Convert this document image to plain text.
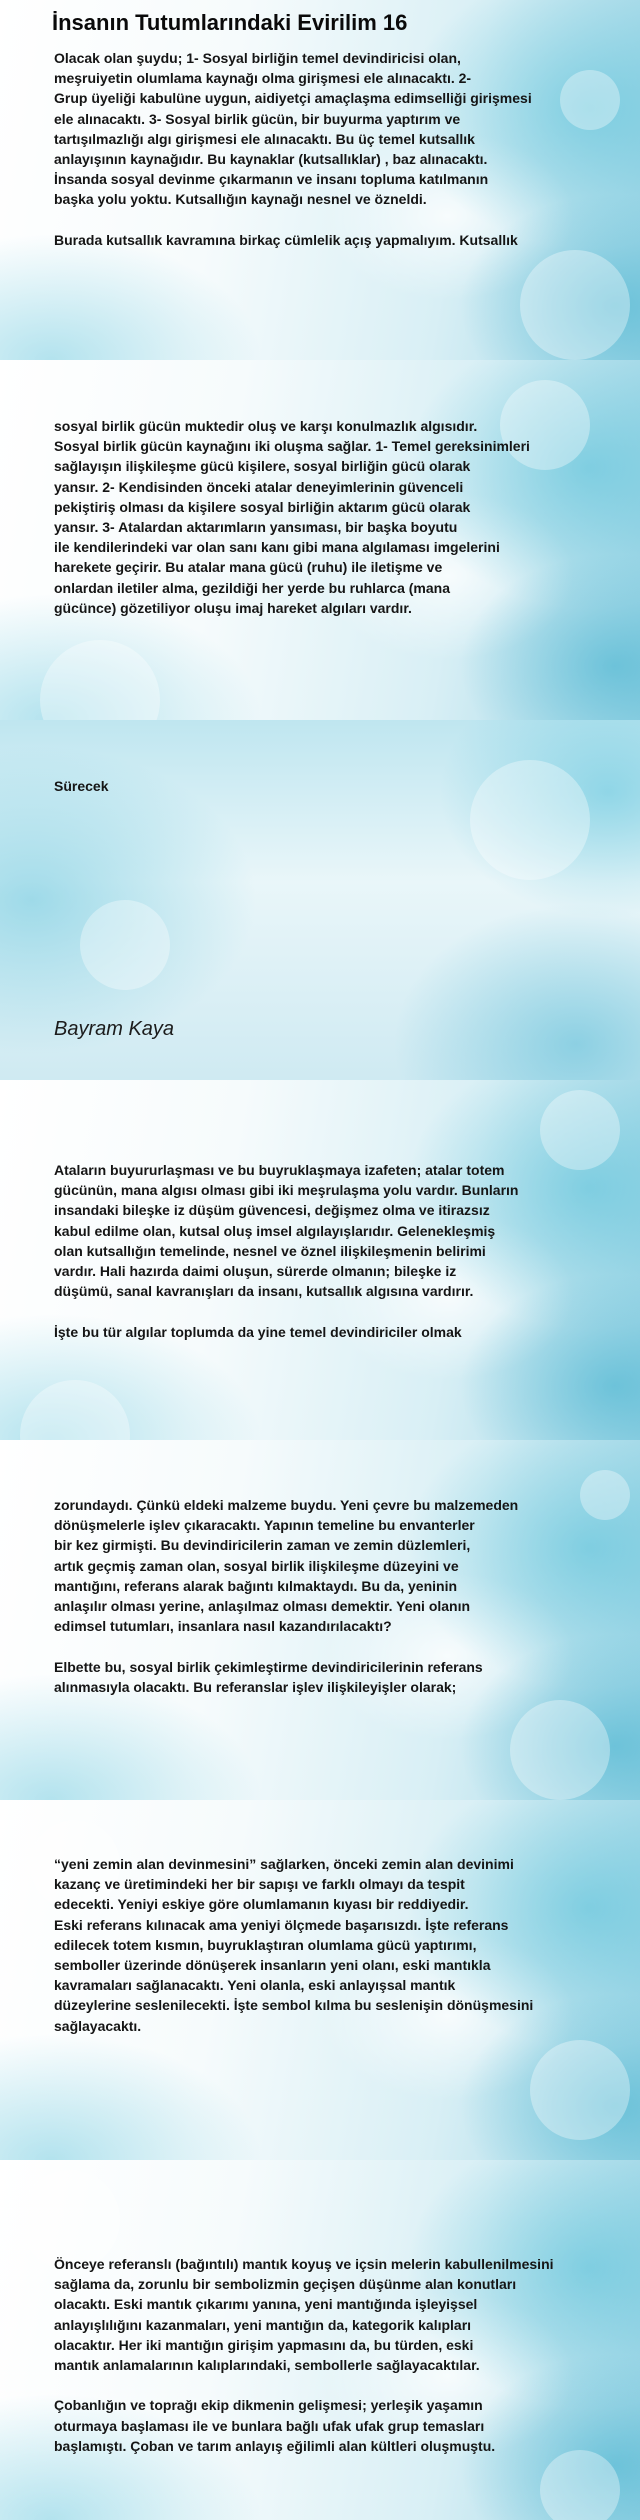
İnsanın Tutumlarındaki Evirilim 16

Olacak olan şuydu; 1- Sosyal birliğin temel devindiricisi olan,
meşruiyetin olumlama kaynağı olma girişmesi ele alınacaktı. 2-
Grup üyeliği kabulüne uygun, aidiyetçi amaçlaşma edimselliği girişmesi
ele alınacaktı. 3- Sosyal birlik gücün, bir buyurma yaptırım ve
tartışılmazlığı algı girişmesi ele alınacaktı. Bu üç temel kutsallık
anlayışının kaynağıdır. Bu kaynaklar (kutsallıklar) , baz alınacaktı.
İnsanda sosyal devinme çıkarmanın ve insanı topluma katılmanın
başka yolu yoktu. Kutsallığın kaynağı nesnel ve özneldi.

Burada kutsallık kavramına birkaç cümlelik açış yapmalıyım. Kutsallık

sosyal birlik gücün muktedir oluş ve karşı konulmazlık algısıdır.
Sosyal birlik gücün kaynağını iki oluşma sağlar. 1- Temel gereksinimleri
sağlayışın ilişkileşme gücü kişilere, sosyal birliğin gücü olarak
yansır. 2- Kendisinden önceki atalar deneyimlerinin güvenceli
pekiştiriş olması da kişilere sosyal birliğin aktarım gücü olarak
yansır. 3- Atalardan aktarımların yansıması, bir başka boyutu
ile kendilerindeki var olan sanı kanı gibi mana algılaması imgelerini
harekete geçirir. Bu atalar mana gücü (ruhu) ile iletişme ve
onlardan iletiler alma, gezildiği her yerde bu ruhlarca (mana
gücünce) gözetiliyor oluşu imaj hareket algıları vardır.

Sürecek

Bayram Kaya

Ataların buyururlaşması ve bu buyruklaşmaya izafeten; atalar totem
gücünün, mana algısı olması gibi iki meşrulaşma yolu vardır. Bunların
insandaki bileşke iz düşüm güvencesi, değişmez olma ve itirazsız
kabul edilme olan, kutsal oluş imsel algılayışlarıdır. Gelenekleşmiş
olan kutsallığın temelinde, nesnel ve öznel ilişkileşmenin belirimi
vardır. Hali hazırda daimi oluşun, sürerde olmanın; bileşke iz
düşümü, sanal kavranışları da insanı, kutsallık algısına vardırır.

İşte bu tür algılar toplumda da yine temel devindiriciler olmak

zorundaydı. Çünkü eldeki malzeme buydu. Yeni çevre bu malzemeden
dönüşmelerle işlev çıkaracaktı. Yapının temeline bu envanterler
bir kez girmişti. Bu devindiricilerin zaman ve zemin düzlemleri,
artık geçmiş zaman olan, sosyal birlik ilişkileşme düzeyini ve
mantığını, referans alarak bağıntı kılmaktaydı. Bu da, yeninin
anlaşılır olması yerine, anlaşılmaz olması demektir. Yeni olanın
edimsel tutumları, insanlara nasıl kazandırılacaktı?

Elbette bu, sosyal birlik çekimleştirme devindiricilerinin referans
alınmasıyla olacaktı. Bu referanslar işlev ilişkileyişler olarak;

“yeni zemin alan devinmesini” sağlarken, önceki zemin alan devinimi
kazanç ve üretimindeki her bir sapışı ve farklı olmayı da tespit
edecekti. Yeniyi eskiye göre olumlamanın kıyası bir reddiyedir.
Eski referans kılınacak ama yeniyi ölçmede başarısızdı. İşte referans
edilecek totem kısmın, buyruklaştıran olumlama gücü yaptırımı,
semboller üzerinde dönüşerek insanların yeni olanı, eski mantıkla
kavramaları sağlanacaktı. Yeni olanla, eski anlayışsal mantık
düzeylerine seslenilecekti. İşte sembol kılma bu seslenişin dönüşmesini
sağlayacaktı.

Önceye referanslı (bağıntılı) mantık koyuş ve içsin melerin kabullenilmesini
sağlama da, zorunlu bir sembolizmin geçişen düşünme alan konutları
olacaktı. Eski mantık çıkarımı yanına, yeni mantığında işleyişsel
anlayışlılığını kazanmaları, yeni mantığın da, kategorik kalıpları
olacaktır. Her iki mantığın girişim yapmasını da, bu türden, eski
mantık anlamalarının kalıplarındaki, sembollerle sağlayacaktılar.

Çobanlığın ve toprağı ekip dikmenin gelişmesi; yerleşik yaşamın
oturmaya başlaması ile ve bunlara bağlı ufak ufak grup temasları
başlamıştı. Çoban ve tarım anlayış eğilimli alan kültleri oluşmuştu.
